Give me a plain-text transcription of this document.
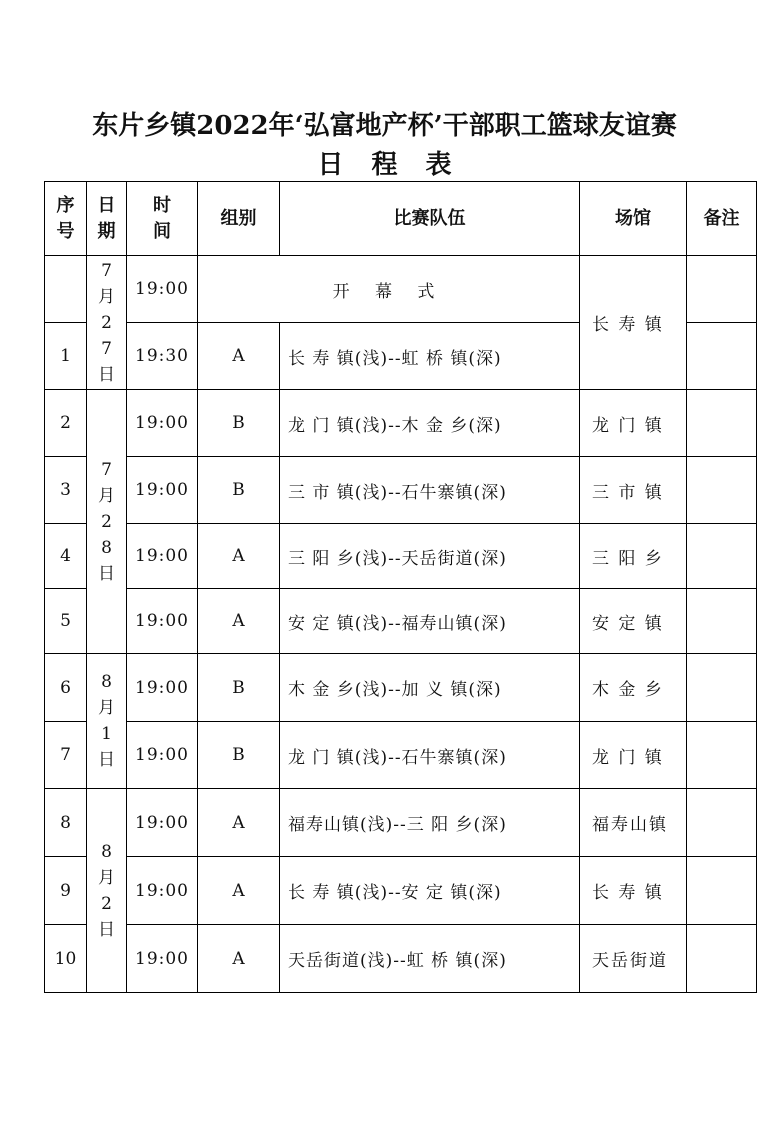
东片乡镇2022年‘弘富地产杯’干部职工篮球友谊赛
日 程 表
序号	日期	时间	组别	比赛队伍	场馆	备注
	7月27日	19:00	开 幕 式		长 寿 镇	
1		19:30	A	长 寿 镇(浅)--虹 桥 镇(深)		
2	7月28日	19:00	B	龙 门 镇(浅)--木 金 乡(深)	龙 门 镇	
3		19:00	B	三 市 镇(浅)--石牛寨镇(深)	三 市 镇	
4		19:00	A	三 阳 乡(浅)--天岳街道(深)	三 阳 乡	
5		19:00	A	安 定 镇(浅)--福寿山镇(深)	安 定 镇	
6	8月1日	19:00	B	木 金 乡(浅)--加 义 镇(深)	木 金 乡	
7		19:00	B	龙 门 镇(浅)--石牛寨镇(深)	龙 门 镇	
8	8月2日	19:00	A	福寿山镇(浅)--三 阳 乡(深)	福寿山镇	
9		19:00	A	长 寿 镇(浅)--安 定 镇(深)	长 寿 镇	
10		19:00	A	天岳街道(浅)--虹 桥 镇(深)	天岳街道	
